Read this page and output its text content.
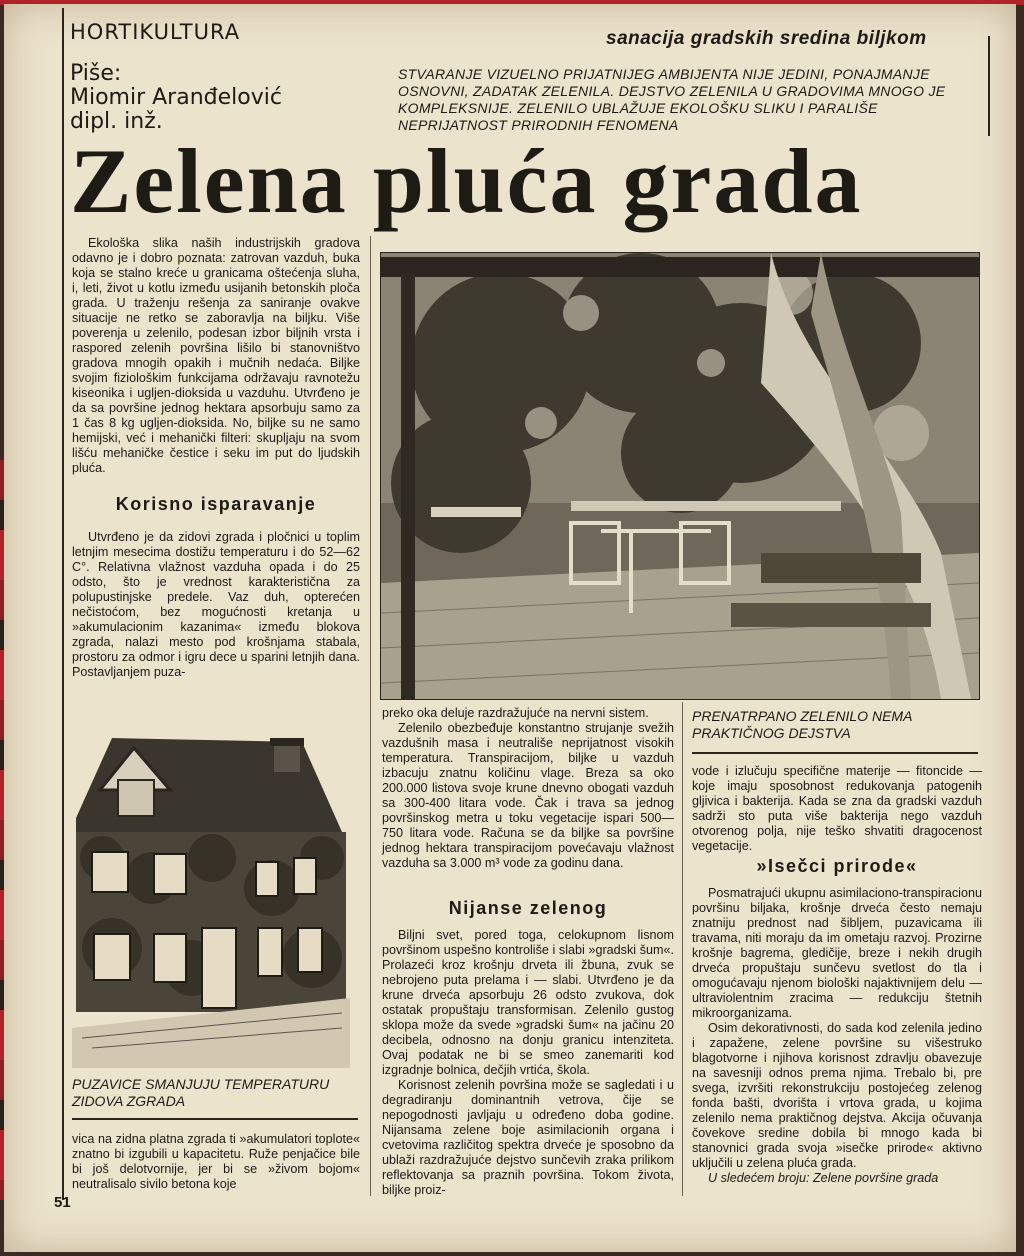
HORTIKULTURA	sanacija gradskih sredina biljkom
Piše:
Miomir Aranđelović
dipl. inž.
STVARANJE VIZUELNO PRIJATNIJEG AMBIJENTA NIJE JEDINI, PONAJMANJE OSNOVNI, ZADATAK ZELENILA. DEJSTVO ZELENILA U GRADOVIMA MNOGO JE KOMPLEKSNIJE. ZELENILO UBLAŽUJE EKOLOŠKU SLIKU I PARALIŠE NEPRIJATNOST PRIRODNIH FENOMENA
Zelena pluća grada

Ekološka slika naših industrijskih gradova odavno je i dobro poznata: zatrovan vazduh, buka koja se stalno kreće u granicama oštećenja sluha, i, leti, život u kotlu između usijanih betonskih ploča grada. U traženju rešenja za saniranje ovakve situacije ne retko se zaboravlja na biljku. Više poverenja u zelenilo, podesan izbor biljnih vrsta i raspored zelenih površina lišilo bi stanovništvo gradova mnogih opakih i mučnih nedaća. Biljke svojim fiziološkim funkcijama održavaju ravnotežu kiseonika i ugljen-dioksida u vazduhu. Utvrđeno je da sa površine jednog hektara apsorbuju samo za 1 čas 8 kg ugljen-dioksida. No, biljke su ne samo hemijski, već i mehanički filteri: skupljaju na svom lišću mehaničke čestice i seku im put do ljudskih pluća.

Korisno isparavanje

Utvrđeno je da zidovi zgrada i pločnici u toplim letnjim mesecima dostižu temperaturu i do 52—62 C°. Relativna vlažnost vazduha opada i do 25 odsto, što je vrednost karakteristična za polupustinjske predele. Vaz duh, opterećen nečistoćom, bez mogućnosti kretanja u »akumulacionim kazanima« između blokova zgrada, nalazi mesto pod krošnjama stabala, prostoru za odmor i igru dece u sparini letnjih dana. Postavljanjem puza-

PUZAVICE SMANJUJU TEMPERATURU ZIDOVA ZGRADA

vica na zidna platna zgrada ti »akumulatori toplote« znatno bi izgubili u kapacitetu. Ruže penjačice bile bi još delotvornije, jer bi se »živom bojom« neutralisalo sivilo betona koje

preko oka deluje razdražujuće na nervni sistem.

Zelenilo obezbeđuje konstantno strujanje svežih vazdušnih masa i neutrališe neprijatnost visokih temperatura. Transpiracijom, biljke u vazduh izbacuju znatnu količinu vlage. Breza sa oko 200.000 listova svoje krune dnevno obogati vazduh sa 300-400 litara vode. Čak i trava sa jednog površinskog metra u toku vegetacije ispari 500—750 litara vode. Računa se da biljke sa površine jednog hektara transpiracijom povećavaju vlažnost vazduha sa 3.000 m³ vode za godinu dana.

Nijanse zelenog

Biljni svet, pored toga, celokupnom lisnom površinom uspešno kontroliše i slabi »gradski šum«. Prolazeći kroz krošnju drveta ili žbuna, zvuk se nebrojeno puta prelama i — slabi. Utvrđeno je da krune drveća apsorbuju 26 odsto zvukova, dok ostatak propuštaju transformisan. Zelenilo gustog sklopa može da svede »gradski šum« na jačinu 20 decibela, odnosno na donju granicu intenziteta. Ovaj podatak ne bi se smeo zanemariti kod izgradnje bolnica, dečjih vrtića, škola.

Korisnost zelenih površina može se sagledati i u degradiranju dominantnih vetrova, čije se nepogodnosti javljaju u određeno doba godine. Nijansama zelene boje asimilacionih organa i cvetovima različitog spektra drveće je sposobno da ublaži razdražujuće dejstvo sunčevih zraka prilikom reflektovanja sa praznih površina. Tokom života, biljke proiz-

PRENATRPANO ZELENILO NEMA PRAKTIČNOG DEJSTVA

vode i izlučuju specifične materije — fitoncide — koje imaju sposobnost redukovanja patogenih gljivica i bakterija. Kada se zna da gradski vazduh sadrži sto puta više bakterija nego vazduh otvorenog polja, nije teško shvatiti dragocenost vegetacije.

»Isečci prirode«

Posmatrajući ukupnu asimilaciono-transpiracionu površinu biljaka, krošnje drveća često nemaju znatniju prednost nad šibljem, puzavicama ili travama, niti moraju da im ometaju razvoj. Prozirne krošnje bagrema, gledičije, breze i nekih drugih drveća propuštaju sunčevu svetlost do tla i omogućavaju njenom biološki najaktivnijem delu — ultraviolentnim zracima — redukciju štetnih mikroorganizama.

Osim dekorativnosti, do sada kod zelenila jedino i zapažene, zelene površine su višestruko blagotvorne i njihova korisnost zdravlju obavezuje na savesniji odnos prema njima. Trebalo bi, pre svega, izvršiti rekonstrukciju postojećeg zelenog fonda bašti, dvorišta i vrtova grada, u kojima zelenilo nema praktičnog dejstva. Akcija očuvanja čovekove sredine dobila bi mnogo kada bi stanovnici grada svoja »isečke prirode« aktivno uključili u zelena pluća grada.

U sledećem broju: Zelene površine grada

51
